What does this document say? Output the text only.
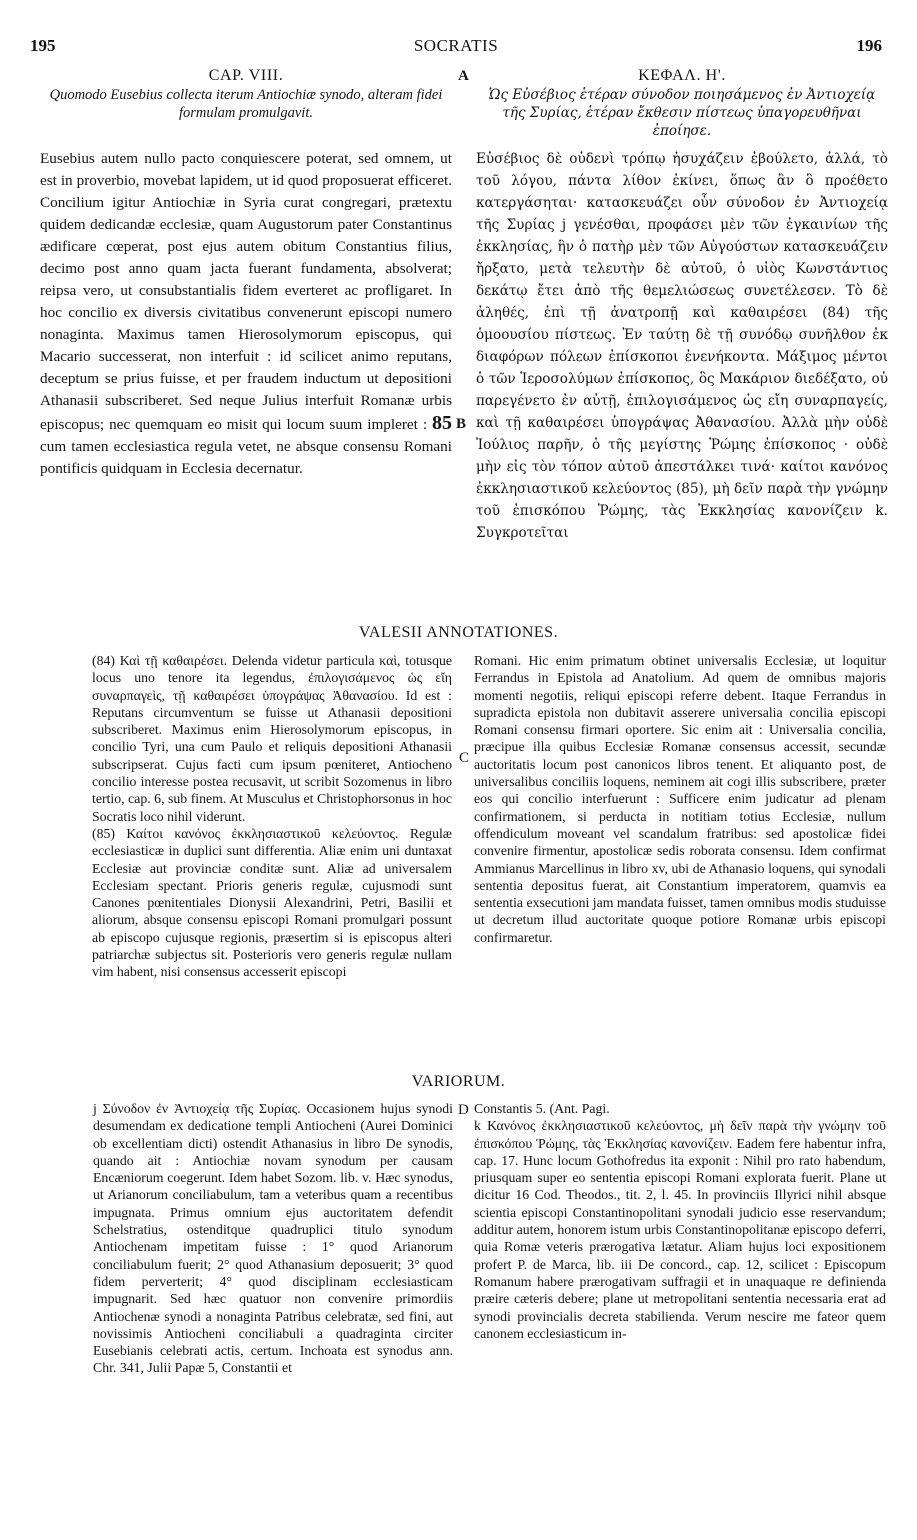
195	SOCRATIS	196
CAP. VIII.
Quomodo Eusebius collecta iterum Antiochiæ synodo, alteram fidei formulam promulgavit.
A	ΚΕΦΑΛ. Η'.
Ὡς Εὐσέβιος ἑτέραν σύνοδον ποιησάμενος ἐν Ἀντιοχείᾳ τῆς Συρίας, ἑτέραν ἔκθεσιν πίστεως ὑπαγορευθῆναι ἐποίησε.
Eusebius autem nullo pacto conquiescere poterat, sed omnem, ut est in proverbio, movebat lapidem, ut id quod proposuerat efficeret. Concilium igitur Antiochiæ in Syria curat congregari, prætextu quidem dedicandæ ecclesiæ, quam Augustorum pater Constantinus ædificare cœperat, post ejus autem obitum Constantius filius, decimo post anno quam jacta fuerant fundamenta, absolverat; reipsa vero, ut consubstantialis fidem everteret ac profligaret. In hoc concilio ex diversis civitatibus convenerunt episcopi numero nonaginta. Maximus tamen Hierosolymorum episcopus, qui Macario successerat, non interfuit : id scilicet animo reputans, deceptum se prius fuisse, et per fraudem inductum ut depositioni Athanasii subscriberet. Sed neque Julius interfuit Romanæ urbis episcopus; nec quemquam eo misit qui locum suum impleret : 85 cum tamen ecclesiastica regula vetet, ne absque consensu Romani pontificis quidquam in Ecclesia decernatur.
B
Εὐσέβιος δὲ οὐδενὶ τρόπῳ ἡσυχάζειν ἐβούλετο, ἀλλά, τὸ τοῦ λόγου, πάντα λίθον ἐκίνει, ὅπως ἂν ὃ προέθετο κατεργάσηται· κατασκευάζει οὖν σύνοδον ἐν Ἀντιοχείᾳ τῆς Συρίας j γενέσθαι, προφάσει μὲν τῶν ἐγκαινίων τῆς ἐκκλησίας, ἣν ὁ πατὴρ μὲν τῶν Αὐγούστων κατασκευάζειν ἤρξατο, μετὰ τελευτὴν δὲ αὐτοῦ, ὁ υἱὸς Κωνστάντιος δεκάτῳ ἔτει ἀπὸ τῆς θεμελιώσεως συνετέλεσεν. Τὸ δὲ ἀληθές, ἐπὶ τῇ ἀνατροπῇ καὶ καθαιρέσει (84) τῆς ὁμοουσίου πίστεως. Ἐν ταύτῃ δὲ τῇ συνόδῳ συνῆλθον ἐκ διαφόρων πόλεων ἐπίσκοποι ἐνενήκοντα. Μάξιμος μέντοι ὁ τῶν Ἱεροσολύμων ἐπίσκοπος, ὃς Μακάριον διεδέξατο, οὐ παρεγένετο ἐν αὐτῇ, ἐπιλογισάμενος ὡς εἴη συναρπαγείς, καὶ τῇ καθαιρέσει ὑπογράψας Ἀθανασίου. Ἀλλὰ μὴν οὐδὲ Ἰούλιος παρῆν, ὁ τῆς μεγίστης Ῥώμης ἐπίσκοπος · οὐδὲ μὴν εἰς τὸν τόπον αὐτοῦ ἀπεστάλκει τινά· καίτοι κανόνος ἐκκλησιαστικοῦ κελεύοντος (85), μὴ δεῖν παρὰ τὴν γνώμην τοῦ ἐπισκόπου Ῥώμης, τὰς Ἐκκλησίας κανονίζειν k. Συγκροτεῖται
VALESII ANNOTATIONES.
(84) Καὶ τῇ καθαιρέσει. Delenda videtur particula καὶ, totusque locus uno tenore ita legendus, ἐπιλογισάμενος ὡς εἴη συναρπαγεὶς, τῇ καθαιρέσει ὑπογράψας Ἀθανασίου. Id est : Reputans circumventum se fuisse ut Athanasii depositioni subscriberet. Maximus enim Hierosolymorum episcopus, in concilio Tyri, una cum Paulo et reliquis depositioni Athanasii subscripserat. Cujus facti cum ipsum pœniteret, Antiocheno concilio interesse postea recusavit, ut scribit Sozomenus in libro tertio, cap. 6, sub finem. At Musculus et Christophorsonus in hoc Socratis loco nihil viderunt.
(85) Καίτοι κανόνος ἐκκλησιαστικοῦ κελεύοντος. Regulæ ecclesiasticæ in duplici sunt differentia. Aliæ enim uni duntaxat Ecclesiæ aut provinciæ conditæ sunt. Aliæ ad universalem Ecclesiam spectant. Prioris generis regulæ, cujusmodi sunt Canones pœnitentiales Dionysii Alexandrini, Petri, Basilii et aliorum, absque consensu episcopi Romani promulgari possunt ab episcopo cujusque regionis, præsertim si is episcopus alteri patriarchæ subjectus sit. Posterioris vero generis regulæ nullam vim habent, nisi consensus accesserit episcopi
C
Romani. Hic enim primatum obtinet universalis Ecclesiæ, ut loquitur Ferrandus in Epistola ad Anatolium. Ad quem de omnibus majoris momenti negotiis, reliqui episcopi referre debent. Itaque Ferrandus in supradicta epistola non dubitavit asserere universalia concilia episcopi Romani consensu firmari oportere. Sic enim ait : Universalia concilia, præcipue illa quibus Ecclesiæ Romanæ consensus accessit, secundæ auctoritatis locum post canonicos libros tenent. Et aliquanto post, de universalibus conciliis loquens, neminem ait cogi illis subscribere, præter eos qui concilio interfuerunt : Sufficere enim judicatur ad plenam confirmationem, si perducta in notitiam totius Ecclesiæ, nullum offendiculum moveant vel scandalum fratribus: sed apostolicæ fidei convenire firmentur, apostolicæ sedis roborata consensu. Idem confirmat Ammianus Marcellinus in libro xv, ubi de Athanasio loquens, qui synodali sententia depositus fuerat, ait Constantium imperatorem, quamvis ea sententia exsecutioni jam mandata fuisset, tamen omnibus modis studuisse ut decretum illud auctoritate quoque potiore Romanæ urbis episcopi confirmaretur.
VARIORUM.
j Σύνοδον ἐν Ἀντιοχείᾳ τῆς Συρίας. Occasionem hujus synodi desumendam ex dedicatione templi Antiocheni (Aurei Dominici ob excellentiam dicti) ostendit Athanasius in libro De synodis, quando ait : Antiochiæ novam synodum per causam Encæniorum coegerunt. Idem habet Sozom. lib. v. Hæc synodus, ut Arianorum conciliabulum, tam a veteribus quam a recentibus impugnata. Primus omnium ejus auctoritatem defendit Schelstratius, ostenditque quadruplici titulo synodum Antiochenam impetitam fuisse : 1° quod Arianorum conciliabulum fuerit; 2° quod Athanasium deposuerit; 3° quod fidem perverterit; 4° quod disciplinam ecclesiasticam impugnarit. Sed hæc quatuor non convenire primordiis Antiochenæ synodi a nonaginta Patribus celebratæ, sed fini, aut novissimis Antiocheni conciliabuli a quadraginta circiter Eusebianis celebrati actis, certum. Inchoata est synodus ann. Chr. 341, Julii Papæ 5, Constantii et
D Constantis 5. (Ant. Pagi.
k Κανόνος ἐκκλησιαστικοῦ κελεύοντος, μὴ δεῖν παρὰ τὴν γνώμην τοῦ ἐπισκόπου Ῥώμης, τὰς Ἐκκλησίας κανονίζειν. Eadem fere habentur infra, cap. 17. Hunc locum Gothofredus ita exponit : Nihil pro rato habendum, priusquam super eo sententia episcopi Romani explorata fuerit. Plane ut dicitur 16 Cod. Theodos., tit. 2, l. 45. In provinciis Illyrici nihil absque scientia episcopi Constantinopolitani synodali judicio esse reservandum; additur autem, honorem istum urbis Constantinopolitanæ episcopo deferri, quia Romæ veteris prærogativa lætatur. Aliam hujus loci expositionem profert P. de Marca, lib. iii De concord., cap. 12, scilicet : Episcopum Romanum habere prærogativam suffragii et in unaquaque re definienda præire cæteris debere; plane ut metropolitani sententia necessaria erat ad synodi provincialis decreta stabilienda. Verum nescire me fateor quem canonem ecclesiasticum in-
